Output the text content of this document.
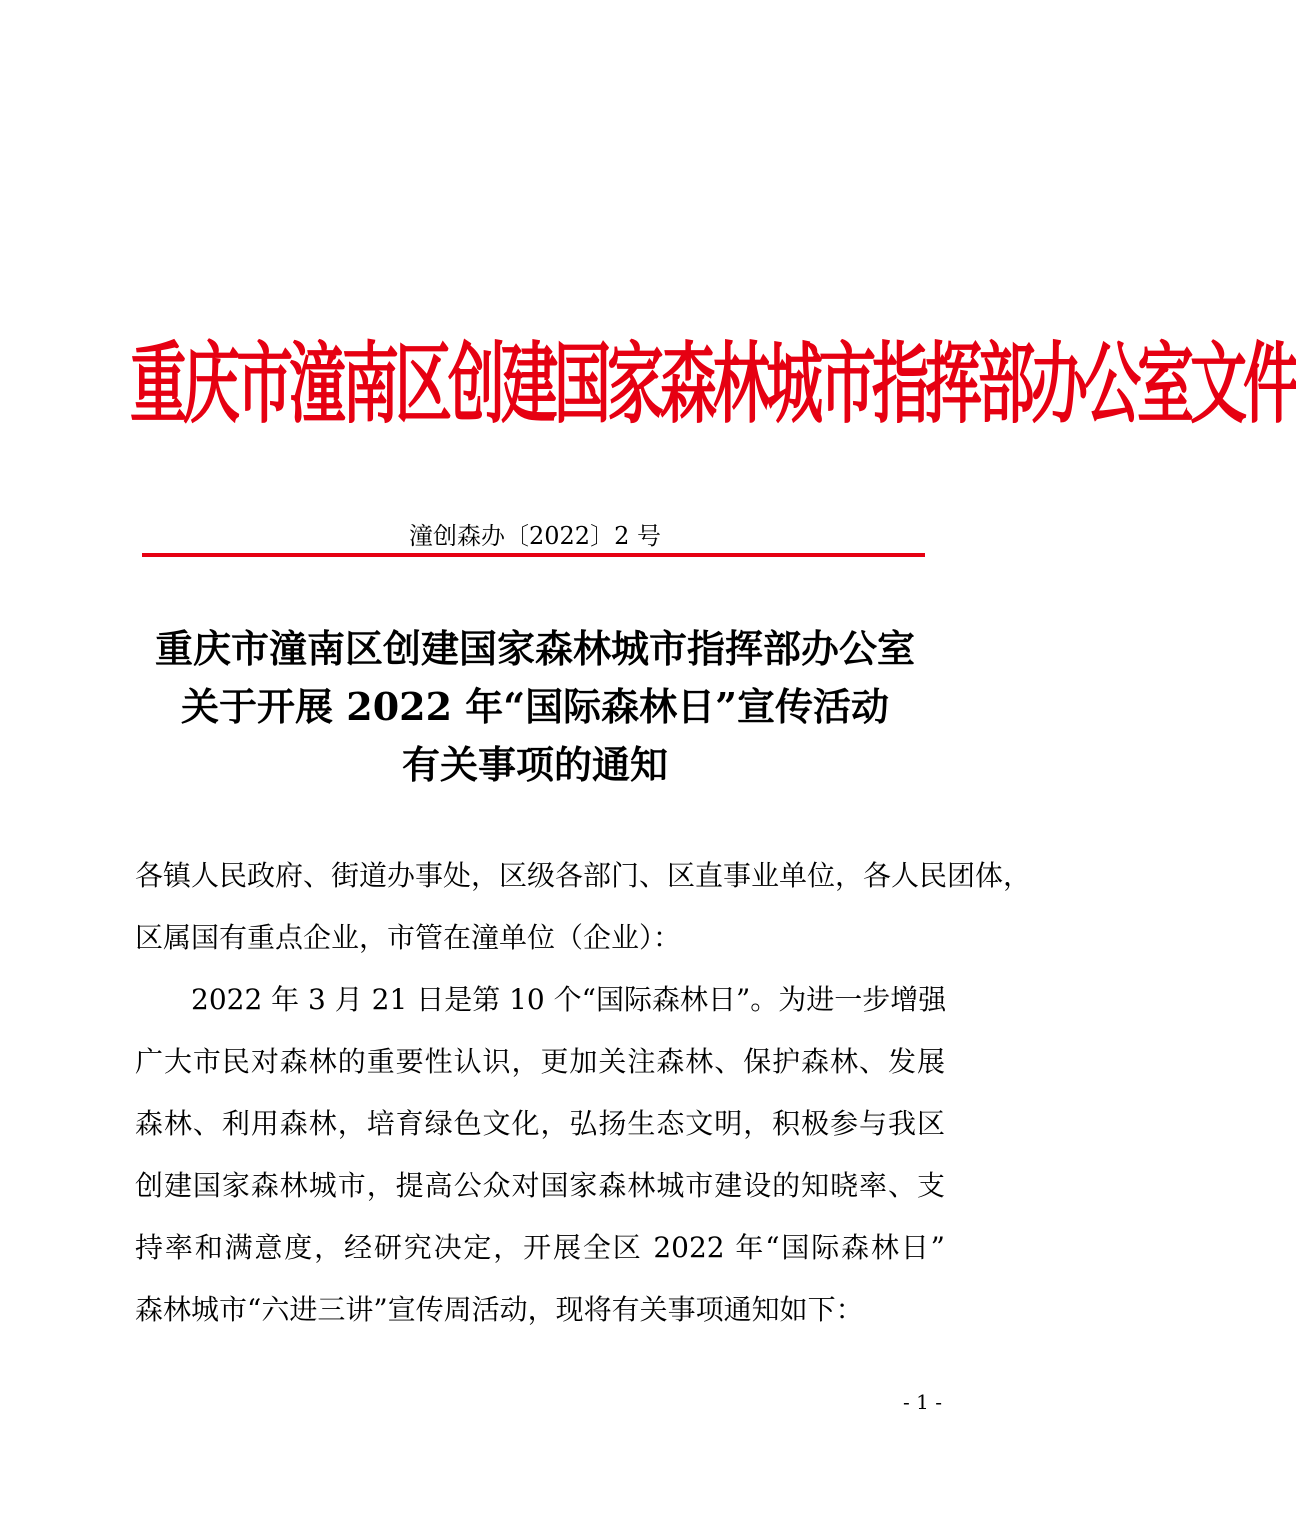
重庆市潼南区创建国家森林城市指挥部办公室文件
潼创森办〔2022〕2 号
重庆市潼南区创建国家森林城市指挥部办公室
关于开展 2022 年“国际森林日”宣传活动
有关事项的通知
各镇人民政府、街道办事处，区级各部门、区直事业单位，各人民团体，
区属国有重点企业，市管在潼单位（企业）：
2022 年 3 月 21 日是第 10 个“国际森林日”。为进一步增强
广大市民对森林的重要性认识，更加关注森林、保护森林、发展
森林、利用森林，培育绿色文化，弘扬生态文明，积极参与我区
创建国家森林城市，提高公众对国家森林城市建设的知晓率、支
持率和满意度，经研究决定，开展全区 2022 年“国际森林日”
森林城市“六进三讲”宣传周活动，现将有关事项通知如下：
- 1 -
